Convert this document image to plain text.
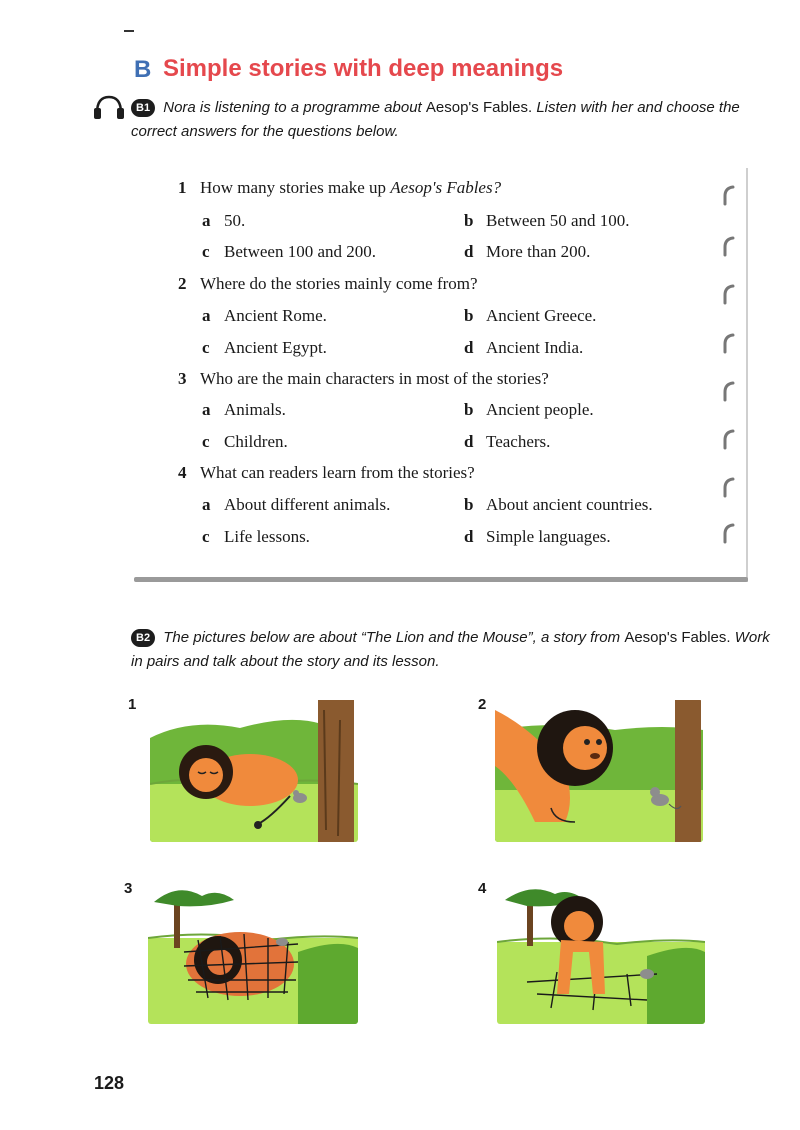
B Simple stories with deep meanings
B1 Nora is listening to a programme about Aesop's Fables. Listen with her and choose the correct answers for the questions below.
1 How many stories make up Aesop's Fables?
a 50.	b Between 50 and 100.
c Between 100 and 200.	d More than 200.
2 Where do the stories mainly come from?
a Ancient Rome.	b Ancient Greece.
c Ancient Egypt.	d Ancient India.
3 Who are the main characters in most of the stories?
a Animals.	b Ancient people.
c Children.	d Teachers.
4 What can readers learn from the stories?
a About different animals.	b About ancient countries.
c Life lessons.	d Simple languages.
B2 The pictures below are about “The Lion and the Mouse”, a story from Aesop's Fables. Work in pairs and talk about the story and its lesson.
1	2
3	4
128
